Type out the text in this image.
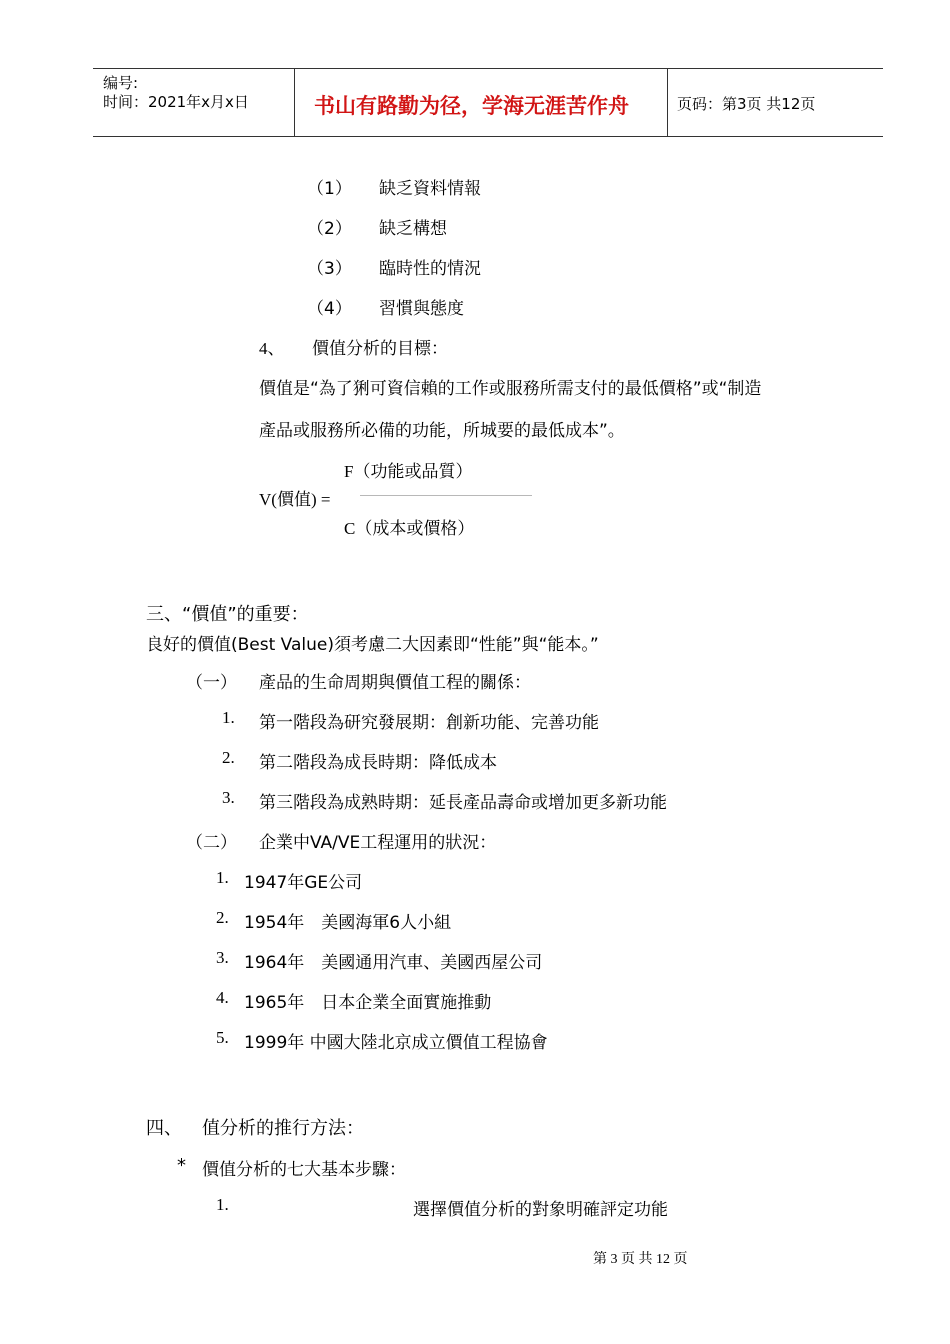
编号:
时间：2021年x月x日	书山有路勤为径，学海无涯苦作舟	页码：第3页 共12页
（1） 缺乏資料情報
（2） 缺乏構想
（3） 臨時性的情況
（4） 習慣與態度
4、 價值分析的目標：
價值是“為了猁可資信賴的工作或服務所需支付的最低價格”或“制造
產品或服務所必備的功能，所城要的最低成本”。
F（功能或品質）
V(價值) =
C（成本或價格）
三、“價值”的重要：
良好的價值(Best Value)須考慮二大因素即“性能”與“能本。”
（一） 產品的生命周期與價值工程的關係：
1. 第一階段為研究發展期：創新功能、完善功能
2. 第二階段為成長時期：降低成本
3. 第三階段為成熟時期：延長產品壽命或增加更多新功能
（二） 企業中VA/VE工程運用的狀況：
1. 1947年GE公司
2. 1954年　美國海軍6人小組
3. 1964年　美國通用汽車、美國西屋公司
4. 1965年　日本企業全面實施推動
5. 1999年 中國大陸北京成立價值工程協會
四、 值分析的推行方法：
* 價值分析的七大基本步驟：
1.	選擇價值分析的對象明確評定功能
第 3 页 共 12 页
